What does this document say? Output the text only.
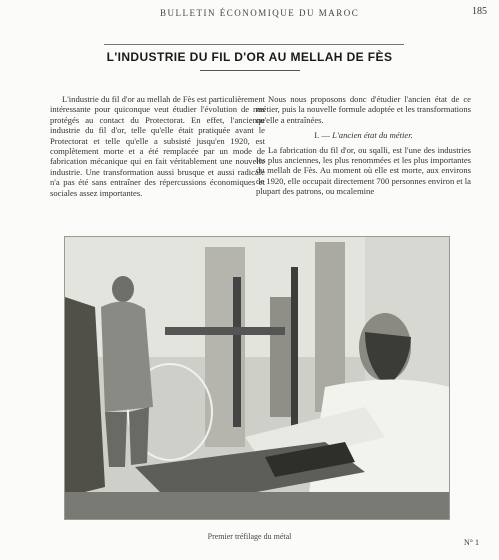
BULLETIN ÉCONOMIQUE DU MAROC	185
L'INDUSTRIE DU FIL D'OR AU MELLAH DE FÈS

L'industrie du fil d'or au mellah de Fès est particulièrement intéressante pour quiconque veut étudier l'évolution de nos protégés au contact du Protectorat. En effet, l'ancienne industrie du fil d'or, telle qu'elle était pratiquée avant le Protectorat et telle qu'elle a subsisté jusqu'en 1920, est complètement morte et a été remplacée par un mode de fabrication mécanique qui en fait véritablement une nouvelle industrie. Une transformation aussi brusque et aussi radicale n'a pas été sans entraîner des répercussions économiques et sociales assez importantes.

Nous nous proposons donc d'étudier l'ancien état de ce métier, puis la nouvelle formule adoptée et les transformations qu'elle a entraînées.

I. — L'ancien état du métier.

La fabrication du fil d'or, ou sqalli, est l'une des industries les plus anciennes, les plus renommées et les plus importantes du mellah de Fès. Au moment où elle est morte, aux environs de 1920, elle occupait directement 700 personnes environ et la plupart des patrons, ou mcalemine

Premier tréfilage du métal
N° 1
